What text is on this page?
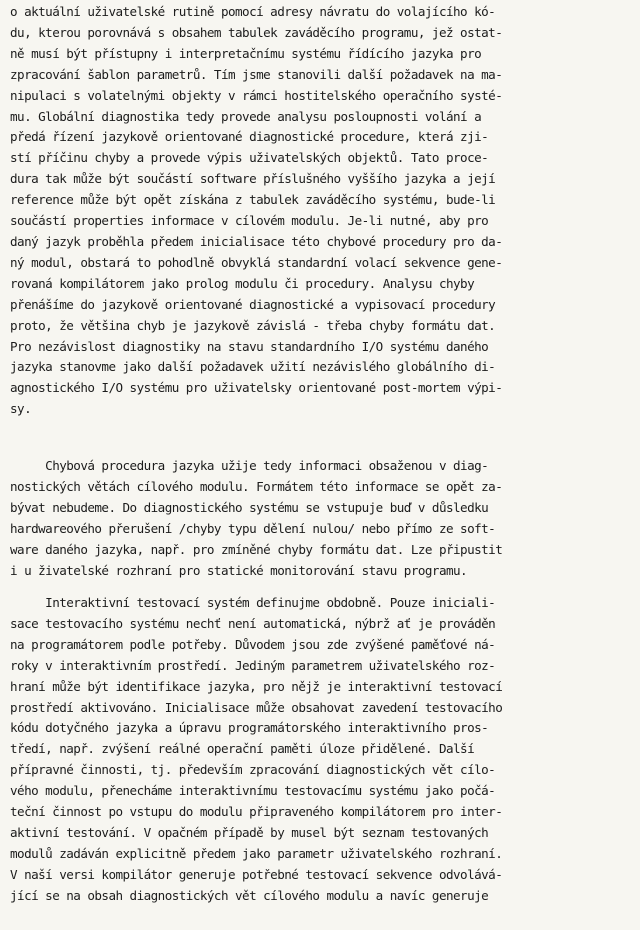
o aktuální uživatelské rutině pomocí adresy návratu do volajícího kó-
du, kterou porovnává s obsahem tabulek zaváděcího programu, jež ostat-
ně musí být přístupny i interpretačnímu systému řídícího jazyka pro
zpracování šablon parametrů. Tím jsme stanovili další požadavek na ma-
nipulaci s volatelnými objekty v rámci hostitelského operačního systé-
mu. Globální diagnostika tedy provede analysu posloupnosti volání a
předá řízení jazykově orientované diagnostické procedure, která zji-
stí příčinu chyby a provede výpis uživatelských objektů. Tato proce-
dura tak může být součástí software příslušného vyššího jazyka a její
reference může být opět získána z tabulek zaváděcího systému, bude-li
součástí properties informace v cílovém modulu. Je-li nutné, aby pro
daný jazyk proběhla předem inicialisace této chybové procedury pro da-
ný modul, obstará to pohodlně obvyklá standardní volací sekvence gene-
rovaná kompilátorem jako prolog modulu či procedury. Analysu chyby
přenášíme do jazykově orientované diagnostické a vypisovací procedury
proto, že většina chyb je jazykově závislá - třeba chyby formátu dat.
Pro nezávislost diagnostiky na stavu standardního I/O systému daného
jazyka stanovme jako další požadavek užití nezávislého globálního di-
agnostického I/O systému pro uživatelsky orientované post-mortem výpi-
sy.
Chybová procedura jazyka užije tedy informaci obsaženou v diag-
nostických větách cílového modulu. Formátem této informace se opět za-
bývat nebudeme. Do diagnostického systému se vstupuje buď v důsledku
hardwareového přerušení /chyby typu dělení nulou/ nebo přímo ze soft-
ware daného jazyka, např. pro zmíněné chyby formátu dat. Lze připustit
i u živatelské rozhraní pro statické monitorování stavu programu.
Interaktivní testovací systém definujme obdobně. Pouze iniciali-
sace testovacího systému nechť není automatická, nýbrž ať je prováděn
na programátorem podle potřeby. Důvodem jsou zde zvýšené paměťové ná-
roky v interaktivním prostředí. Jediným parametrem uživatelského roz-
hraní může být identifikace jazyka, pro nějž je interaktivní testovací
prostředí aktivováno. Inicialisace může obsahovat zavedení testovacího
kódu dotyčného jazyka a úpravu programátorského interaktivního pros-
tředí, např. zvýšení reálné operační paměti úloze přidělené. Další
přípravné činnosti, tj. především zpracování diagnostických vět cílo-
vého modulu, přenecháme interaktivnímu testovacímu systému jako počá-
teční činnost po vstupu do modulu připraveného kompilátorem pro inter-
aktivní testování. V opačném případě by musel být seznam testovaných
modulů zadáván explicitně předem jako parametr uživatelského rozhraní.
V naší versi kompilátor generuje potřebné testovací sekvence odvolává-
jící se na obsah diagnostických vět cílového modulu a navíc generuje
